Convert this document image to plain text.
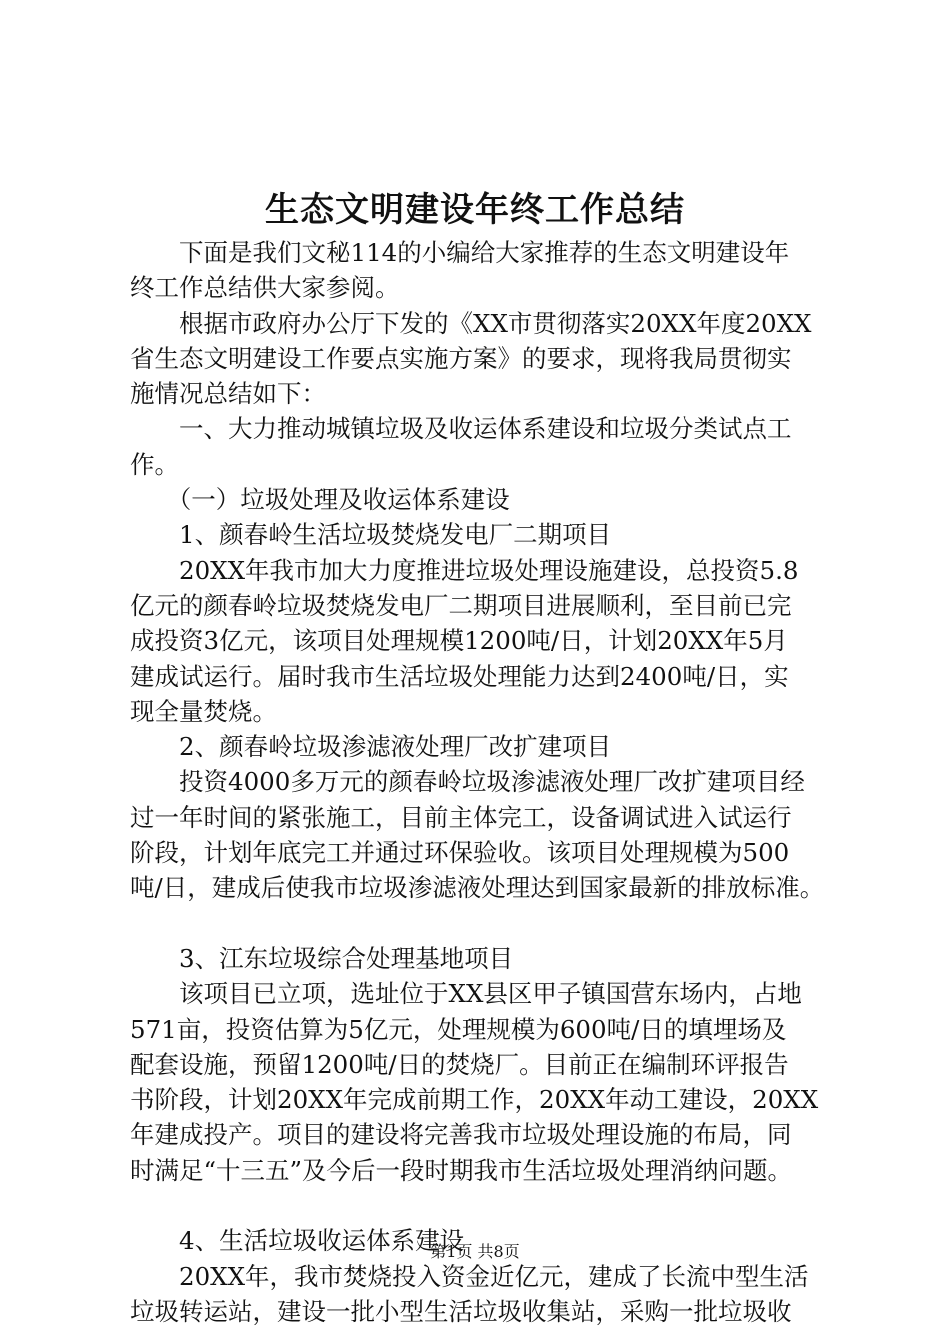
生态文明建设年终工作总结
　　下面是我们文秘114的小编给大家推荐的生态文明建设年
终工作总结供大家参阅。
　　根据市政府办公厅下发的《XX市贯彻落实20XX年度20XX
省生态文明建设工作要点实施方案》的要求，现将我局贯彻实
施情况总结如下：
　　一、大力推动城镇垃圾及收运体系建设和垃圾分类试点工
作。
　　（一）垃圾处理及收运体系建设
　　1、颜春岭生活垃圾焚烧发电厂二期项目
　　20XX年我市加大力度推进垃圾处理设施建设，总投资5.8
亿元的颜春岭垃圾焚烧发电厂二期项目进展顺利，至目前已完
成投资3亿元，该项目处理规模1200吨/日，计划20XX年5月
建成试运行。届时我市生活垃圾处理能力达到2400吨/日，实
现全量焚烧。
　　2、颜春岭垃圾渗滤液处理厂改扩建项目
　　投资4000多万元的颜春岭垃圾渗滤液处理厂改扩建项目经
过一年时间的紧张施工，目前主体完工，设备调试进入试运行
阶段，计划年底完工并通过环保验收。该项目处理规模为500
吨/日，建成后使我市垃圾渗滤液处理达到国家最新的排放标准。
　　3、江东垃圾综合处理基地项目
　　该项目已立项，选址位于XX县区甲子镇国营东场内，占地
571亩，投资估算为5亿元，处理规模为600吨/日的填埋场及
配套设施，预留1200吨/日的焚烧厂。目前正在编制环评报告
书阶段，计划20XX年完成前期工作，20XX年动工建设，20XX
年建成投产。项目的建设将完善我市垃圾处理设施的布局，同
时满足“十三五”及今后一段时期我市生活垃圾处理消纳问题。
　　4、生活垃圾收运体系建设
　　20XX年，我市焚烧投入资金近亿元，建成了长流中型生活
垃圾转运站，建设一批小型生活垃圾收集站，采购一批垃圾收
第1页 共8页
